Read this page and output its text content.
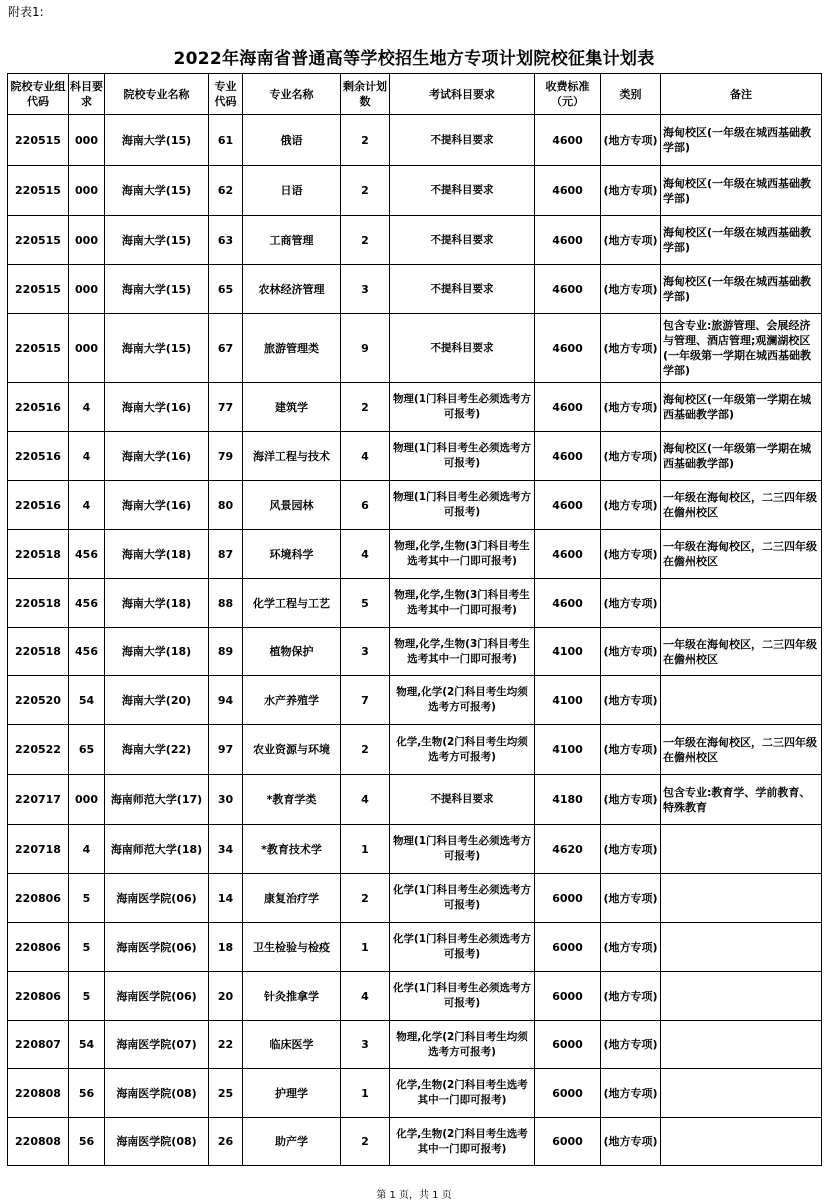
附表1:
2022年海南省普通高等学校招生地方专项计划院校征集计划表
院校专业组代码	科目要求	院校专业名称	专业代码	专业名称	剩余计划数	考试科目要求	收费标准（元）	类别	备注
220515	000	海南大学(15)	61	俄语	2	不提科目要求	4600	(地方专项)	海甸校区(一年级在城西基础教学部)
220515	000	海南大学(15)	62	日语	2	不提科目要求	4600	(地方专项)	海甸校区(一年级在城西基础教学部)
220515	000	海南大学(15)	63	工商管理	2	不提科目要求	4600	(地方专项)	海甸校区(一年级在城西基础教学部)
220515	000	海南大学(15)	65	农林经济管理	3	不提科目要求	4600	(地方专项)	海甸校区(一年级在城西基础教学部)
220515	000	海南大学(15)	67	旅游管理类	9	不提科目要求	4600	(地方专项)	包含专业:旅游管理、会展经济与管理、酒店管理;观澜湖校区(一年级第一学期在城西基础教学部)
220516	4	海南大学(16)	77	建筑学	2	物理(1门科目考生必须选考方可报考)	4600	(地方专项)	海甸校区(一年级第一学期在城西基础教学部)
220516	4	海南大学(16)	79	海洋工程与技术	4	物理(1门科目考生必须选考方可报考)	4600	(地方专项)	海甸校区(一年级第一学期在城西基础教学部)
220516	4	海南大学(16)	80	风景园林	6	物理(1门科目考生必须选考方可报考)	4600	(地方专项)	一年级在海甸校区，二三四年级在儋州校区
220518	456	海南大学(18)	87	环境科学	4	物理,化学,生物(3门科目考生选考其中一门即可报考)	4600	(地方专项)	一年级在海甸校区，二三四年级在儋州校区
220518	456	海南大学(18)	88	化学工程与工艺	5	物理,化学,生物(3门科目考生选考其中一门即可报考)	4600	(地方专项)	
220518	456	海南大学(18)	89	植物保护	3	物理,化学,生物(3门科目考生选考其中一门即可报考)	4100	(地方专项)	一年级在海甸校区，二三四年级在儋州校区
220520	54	海南大学(20)	94	水产养殖学	7	物理,化学(2门科目考生均须选考方可报考)	4100	(地方专项)	
220522	65	海南大学(22)	97	农业资源与环境	2	化学,生物(2门科目考生均须选考方可报考)	4100	(地方专项)	一年级在海甸校区，二三四年级在儋州校区
220717	000	海南师范大学(17)	30	*教育学类	4	不提科目要求	4180	(地方专项)	包含专业:教育学、学前教育、特殊教育
220718	4	海南师范大学(18)	34	*教育技术学	1	物理(1门科目考生必须选考方可报考)	4620	(地方专项)	
220806	5	海南医学院(06)	14	康复治疗学	2	化学(1门科目考生必须选考方可报考)	6000	(地方专项)	
220806	5	海南医学院(06)	18	卫生检验与检疫	1	化学(1门科目考生必须选考方可报考)	6000	(地方专项)	
220806	5	海南医学院(06)	20	针灸推拿学	4	化学(1门科目考生必须选考方可报考)	6000	(地方专项)	
220807	54	海南医学院(07)	22	临床医学	3	物理,化学(2门科目考生均须选考方可报考)	6000	(地方专项)	
220808	56	海南医学院(08)	25	护理学	1	化学,生物(2门科目考生选考其中一门即可报考)	6000	(地方专项)	
220808	56	海南医学院(08)	26	助产学	2	化学,生物(2门科目考生选考其中一门即可报考)	6000	(地方专项)	
第 1 页，共 1 页
